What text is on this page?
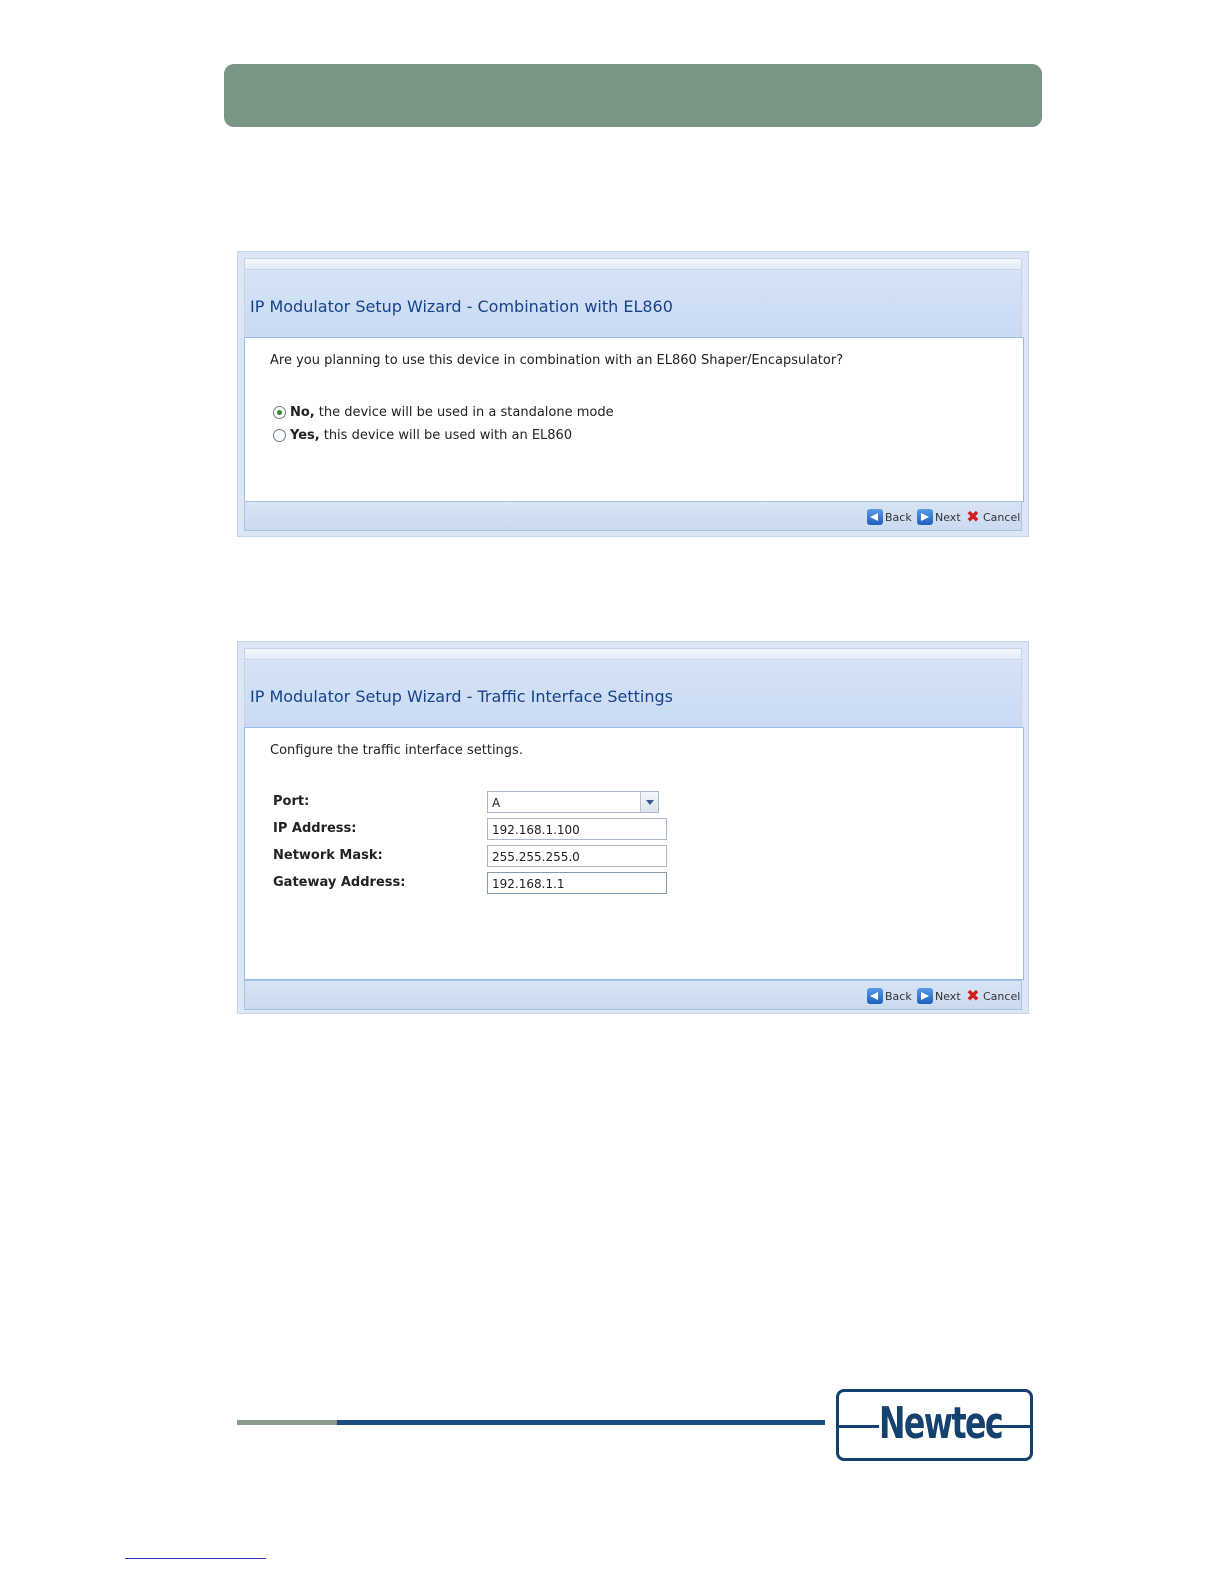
IP Modulator Setup Wizard - Combination with EL860
Are you planning to use this device in combination with an EL860 Shaper/Encapsulator?
No, the device will be used in a standalone mode
Yes, this device will be used with an EL860
Back Next ✖ Cancel
IP Modulator Setup Wizard - Traffic Interface Settings
Configure the traffic interface settings.
Port:	A
IP Address:	192.168.1.100
Network Mask:	255.255.255.0
Gateway Address:	192.168.1.1
Back Next ✖ Cancel
Newtec
